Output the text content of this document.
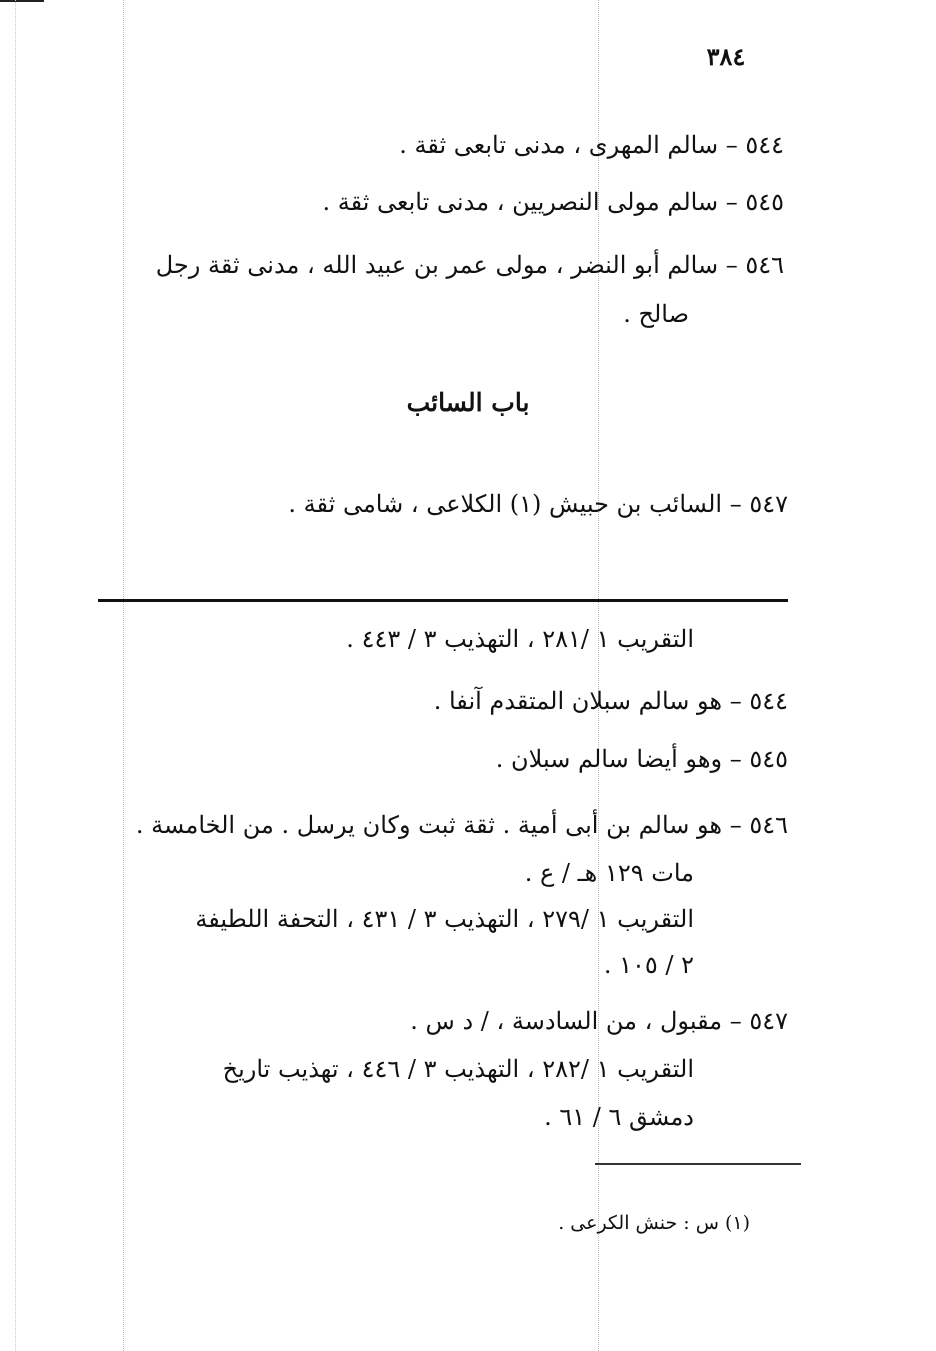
٣٨٤
٥٤٤ – سالم المهرى ، مدنى تابعى ثقة .
٥٤٥ – سالم مولى النصريين ، مدنى تابعى ثقة .
٥٤٦ – سالم أبو النضر ، مولى عمر بن عبيد الله ، مدنى ثقة رجل
صالح .
باب السائب
٥٤٧ – السائب بن حبيش (١) الكلاعى ، شامى ثقة .
التقريب ١ /٢٨١ ، التهذيب ٣ / ٤٤٣ .
٥٤٤ – هو سالم سبلان المتقدم آنفا .
٥٤٥ – وهو أيضا سالم سبلان .
٥٤٦ – هو سالم بن أبى أمية . ثقة ثبت وكان يرسل . من الخامسة .
مات ١٢٩ هـ / ع .
التقريب ١ /٢٧٩ ، التهذيب ٣ / ٤٣١ ، التحفة اللطيفة
٢ / ١٠٥ .
٥٤٧ – مقبول ، من السادسة ، / د س .
التقريب ١ /٢٨٢ ، التهذيب ٣ / ٤٤٦ ، تهذيب تاريخ
دمشق ٦ / ٦١ .
(١) س : حنش الكرعى .
